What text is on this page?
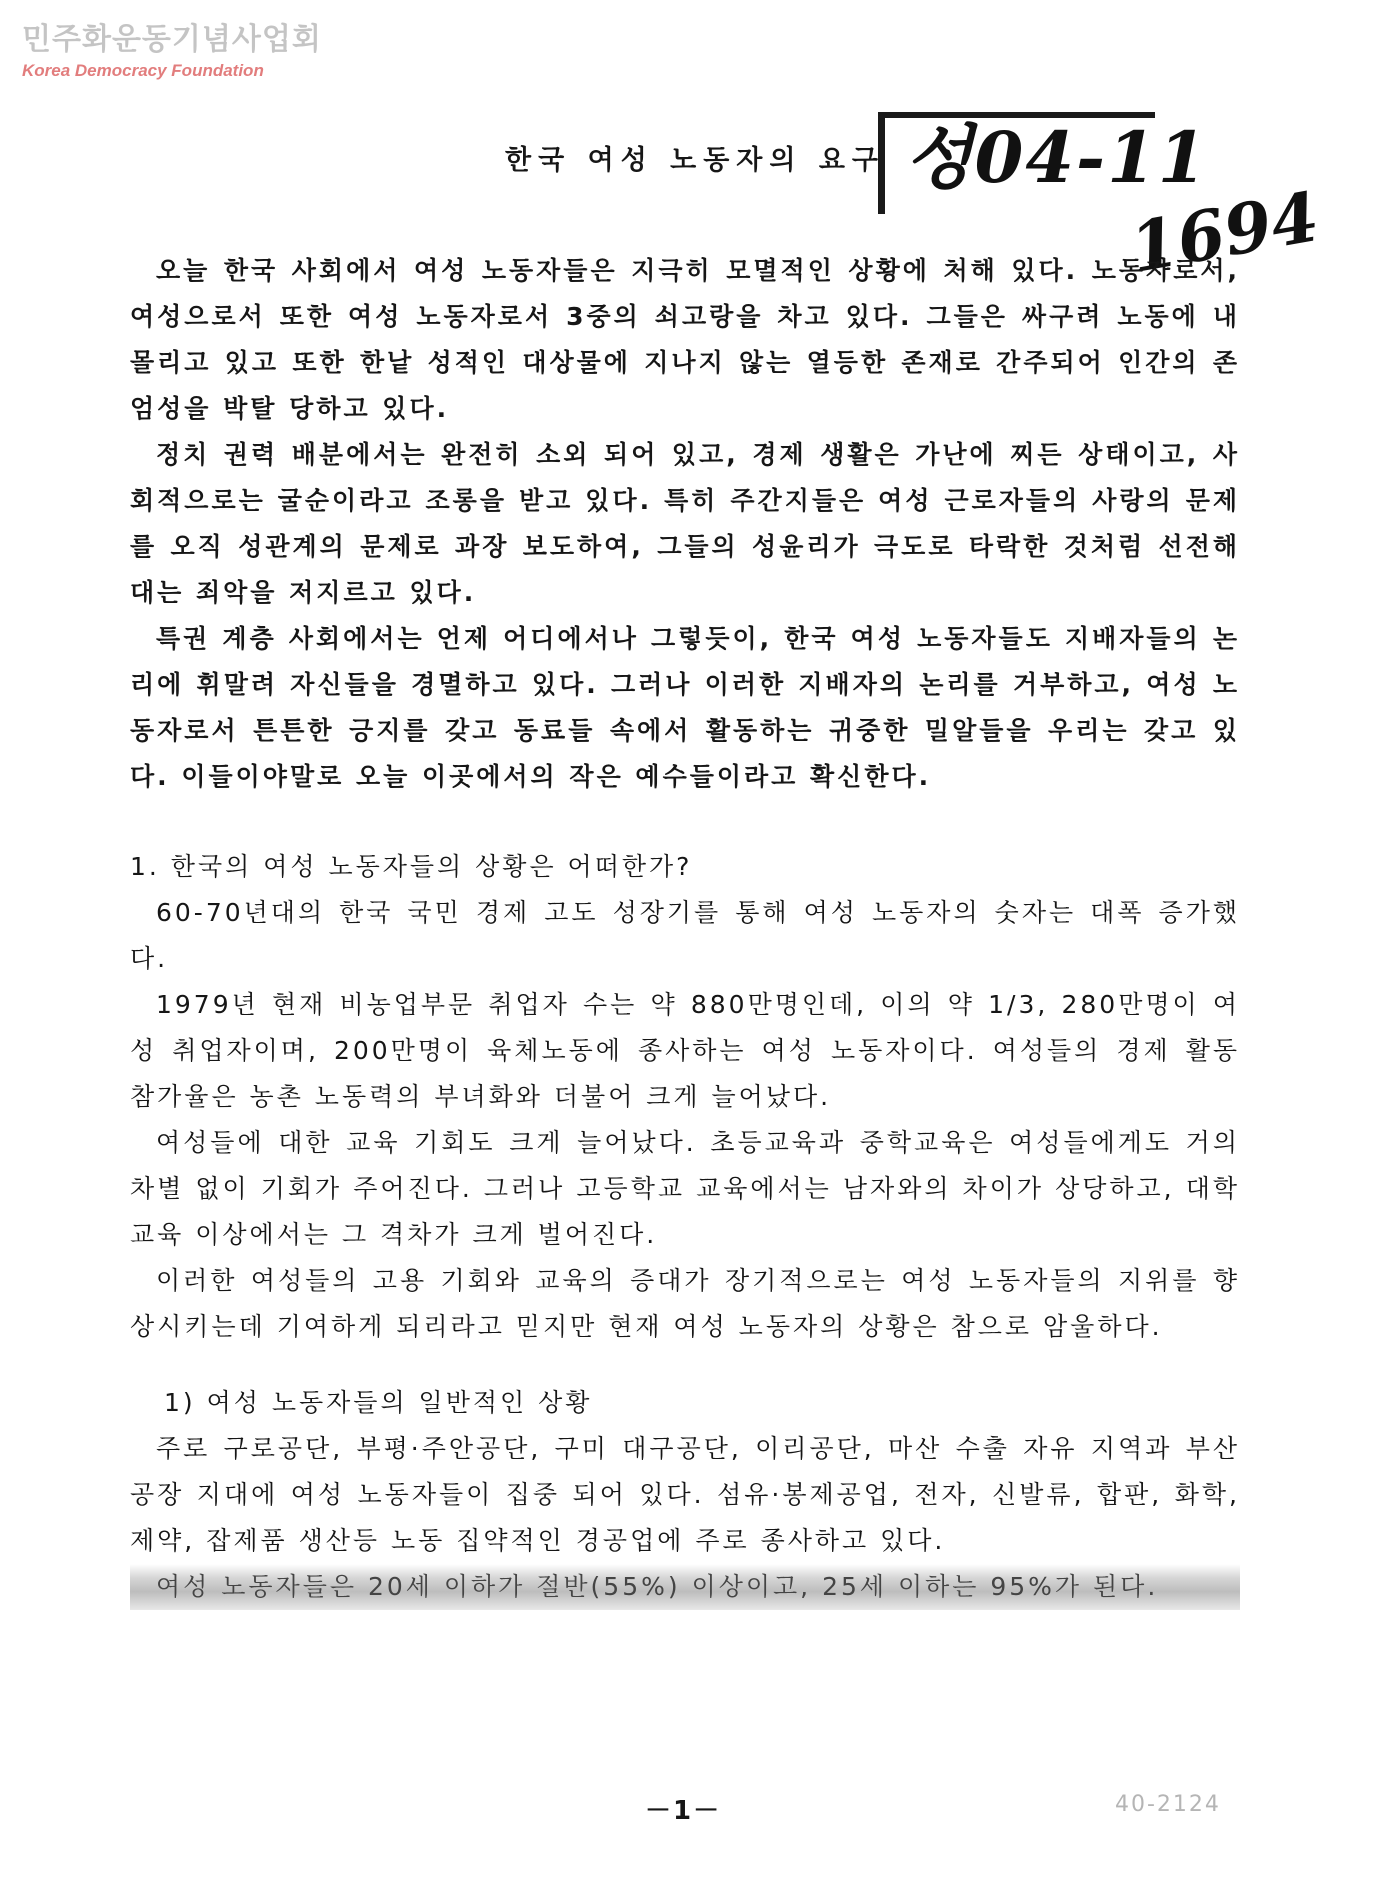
민주화운동기념사업회
Korea Democracy Foundation
한국 여성 노동자의 요구 성04-11
1694

오늘 한국 사회에서 여성 노동자들은 지극히 모멸적인 상황에 처해 있다. 노동자로서, 여성으로서 또한 여성 노동자로서 3중의 쇠고랑을 차고 있다. 그들은 싸구려 노동에 내몰리고 있고 또한 한낱 성적인 대상물에 지나지 않는 열등한 존재로 간주되어 인간의 존엄성을 박탈 당하고 있다.

정치 권력 배분에서는 완전히 소외 되어 있고, 경제 생활은 가난에 찌든 상태이고, 사회적으로는 굴순이라고 조롱을 받고 있다. 특히 주간지들은 여성 근로자들의 사랑의 문제를 오직 성관계의 문제로 과장 보도하여, 그들의 성윤리가 극도로 타락한 것처럼 선전해대는 죄악을 저지르고 있다.

특권 계층 사회에서는 언제 어디에서나 그렇듯이, 한국 여성 노동자들도 지배자들의 논리에 휘말려 자신들을 경멸하고 있다. 그러나 이러한 지배자의 논리를 거부하고, 여성 노동자로서 튼튼한 긍지를 갖고 동료들 속에서 활동하는 귀중한 밀알들을 우리는 갖고 있다. 이들이야말로 오늘 이곳에서의 작은 예수들이라고 확신한다.

1. 한국의 여성 노동자들의 상황은 어떠한가?

60-70년대의 한국 국민 경제 고도 성장기를 통해 여성 노동자의 숫자는 대폭 증가했다.

1979년 현재 비농업부문 취업자 수는 약 880만명인데, 이의 약 1/3, 280만명이 여성 취업자이며, 200만명이 육체노동에 종사하는 여성 노동자이다. 여성들의 경제 활동 참가율은 농촌 노동력의 부녀화와 더불어 크게 늘어났다.

여성들에 대한 교육 기회도 크게 늘어났다. 초등교육과 중학교육은 여성들에게도 거의 차별 없이 기회가 주어진다. 그러나 고등학교 교육에서는 남자와의 차이가 상당하고, 대학교육 이상에서는 그 격차가 크게 벌어진다.

이러한 여성들의 고용 기회와 교육의 증대가 장기적으로는 여성 노동자들의 지위를 향상시키는데 기여하게 되리라고 믿지만 현재 여성 노동자의 상황은 참으로 암울하다.

1) 여성 노동자들의 일반적인 상황

주로 구로공단, 부평·주안공단, 구미 대구공단, 이리공단, 마산 수출 자유 지역과 부산 공장 지대에 여성 노동자들이 집중 되어 있다. 섬유·봉제공업, 전자, 신발류, 합판, 화학, 제약, 잡제품 생산등 노동 집약적인 경공업에 주로 종사하고 있다.

여성 노동자들은 20세 이하가 절반(55%) 이상이고, 25세 이하는 95%가 된다.

－1－	40-2124
